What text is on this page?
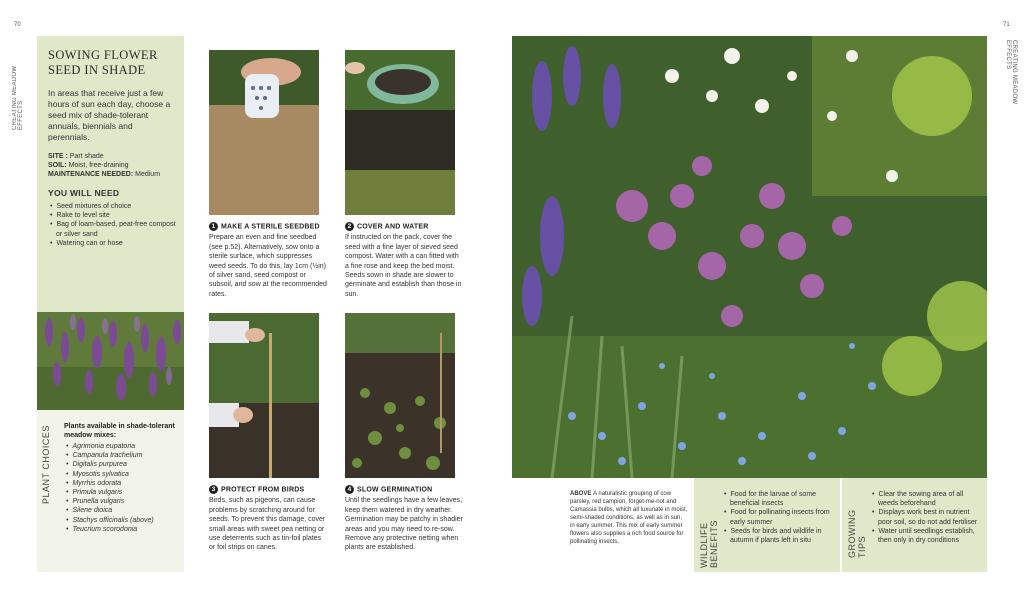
70	71
CREATING MEADOW EFFECTS
CREATING MEADOW EFFECTS
SOWING FLOWER SEED IN SHADE
In areas that receive just a few hours of sun each day, choose a seed mix of shade-tolerant annuals, biennials and perennials.
SITE : Part shade
SOIL: Moist, free-draining
MAINTENANCE NEEDED: Medium
YOU WILL NEED
• Seed mixtures of choice
• Rake to level site
• Bag of loam-based, peat-free compost or silver sand
• Watering can or hose
PLANT CHOICES Plants available in shade-tolerant meadow mixes:
• Agrimonia eupatoria
• Campanula trachelium
• Digitalis purpurea
• Myosotis sylvatica
• Myrrhis odorata
• Primula vulgaris
• Prunella vulgaris
• Silene dioica
• Stachys officinalis (above)
• Teucrium scorodonia
1 MAKE A STERILE SEEDBED
Prepare an even and fine seedbed (see p.52). Alternatively, sow onto a sterile surface, which suppresses weed seeds. To do this, lay 1cm (½in) of silver sand, seed compost or subsoil, and sow at the recommended rates.
2 COVER AND WATER
If instructed on the pack, cover the seed with a fine layer of sieved seed compost. Water with a can fitted with a fine rose and keep the bed moist. Seeds sown in shade are slower to germinate and establish than those in sun.
3 PROTECT FROM BIRDS
Birds, such as pigeons, can cause problems by scratching around for seeds. To prevent this damage, cover small areas with sweet pea netting or use deterrents such as tin-foil plates or foil strips on canes.
4 SLOW GERMINATION
Until the seedlings have a few leaves, keep them watered in dry weather. Germination may be patchy in shadier areas and you may need to re-sow. Remove any protective netting when plants are established.
ABOVE A naturalistic grouping of cow parsley, red campion, forget-me-not and Camassia bulbs, which all luxuriate in moist, semi-shaded conditions, as well as in sun, in early summer. This mix of early summer flowers also supplies a rich food source for pollinating insects.	WILDLIFE BENEFITS
• Food for the larvae of some beneficial insects
• Food for pollinating insects from early summer
• Seeds for birds and wildlife in autumn if plants left in situ	GROWING TIPS
• Clear the sowing area of all weeds beforehand
• Displays work best in nutrient poor soil, so do not add fertiliser
• Water until seedlings establish, then only in dry conditions
